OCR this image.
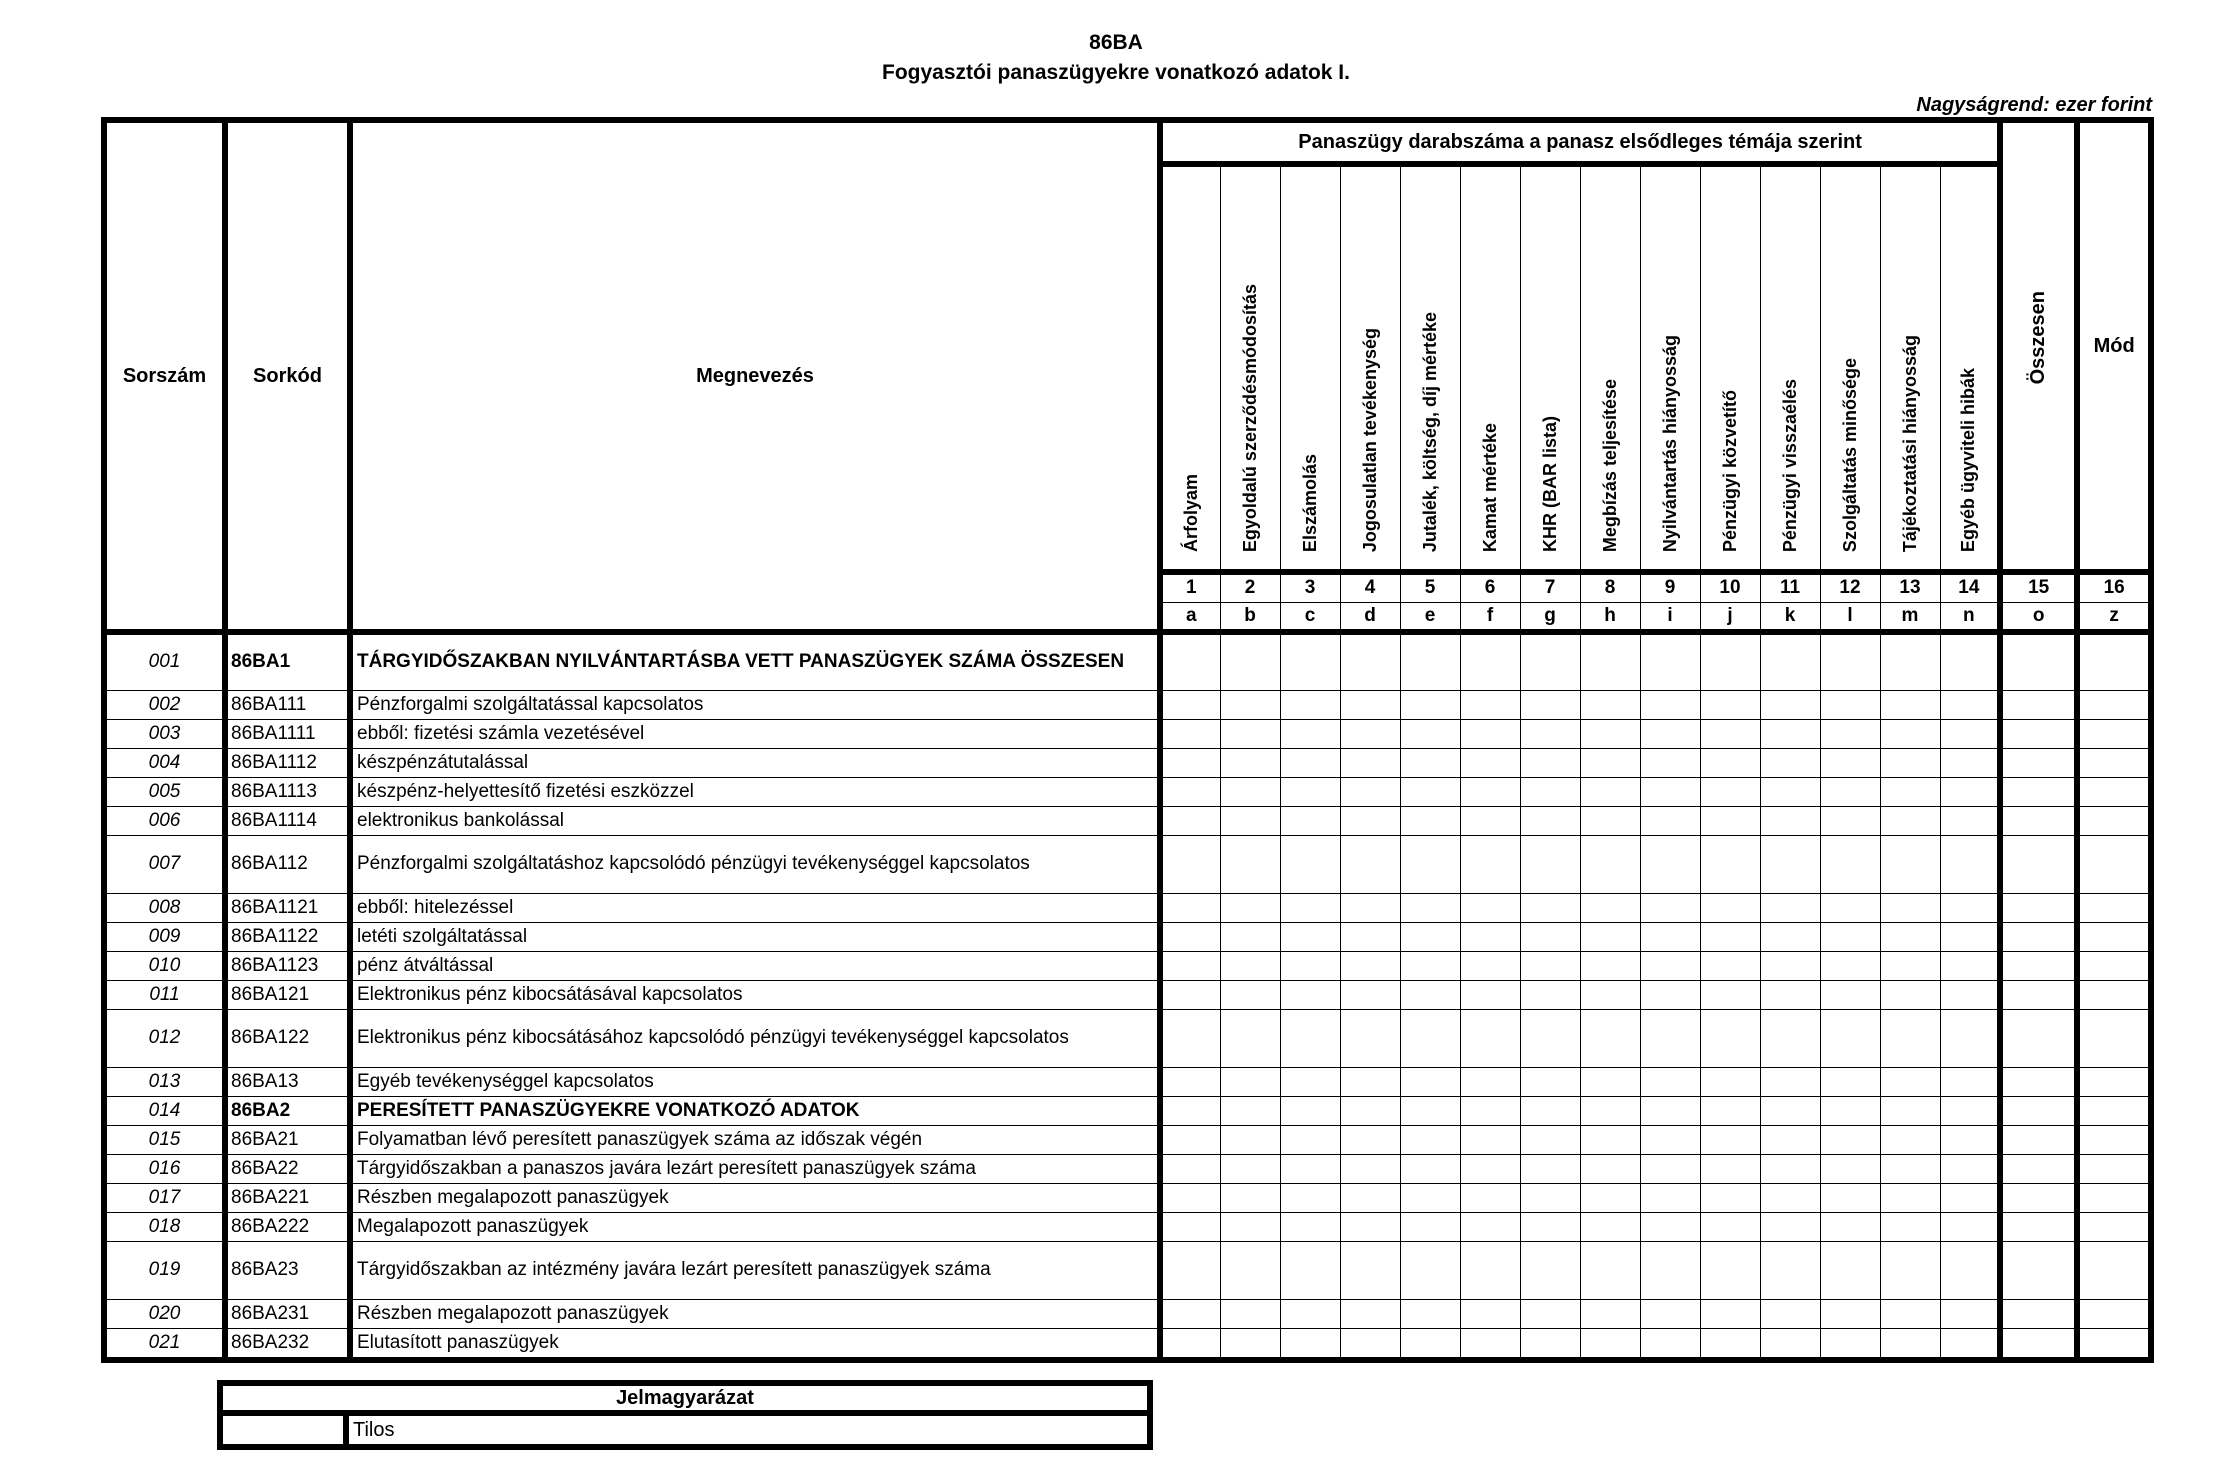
86BA
Fogyasztói panaszügyekre vonatkozó adatok I.
Nagyságrend: ezer forint
Sorszám	Sorkód	Megnevezés	Panaszügy darabszáma a panasz elsődleges témája szerint														Összesen	Mód
			Árfolyam	Egyoldalú szerződésmódosítás	Elszámolás	Jogosulatlan tevékenység	Jutalék, költség, díj mértéke	Kamat mértéke	KHR (BAR lista)	Megbízás teljesítése	Nyilvántartás hiányosság	Pénzügyi közvetítő	Pénzügyi visszaélés	Szolgáltatás minősége	Tájékoztatási hiányosság	Egyéb ügyviteli hibák		
			1	2	3	4	5	6	7	8	9	10	11	12	13	14	15	16
			a	b	c	d	e	f	g	h	i	j	k	l	m	n	o	z
001	86BA1	TÁRGYIDŐSZAKBAN NYILVÁNTARTÁSBA VETT PANASZÜGYEK SZÁMA ÖSSZESEN																
002	86BA111	Pénzforgalmi szolgáltatással kapcsolatos																
003	86BA1111	ebből: fizetési számla vezetésével																
004	86BA1112	készpénzátutalással																
005	86BA1113	készpénz-helyettesítő fizetési eszközzel																
006	86BA1114	elektronikus bankolással																
007	86BA112	Pénzforgalmi szolgáltatáshoz kapcsolódó pénzügyi tevékenységgel kapcsolatos																
008	86BA1121	ebből: hitelezéssel																
009	86BA1122	letéti szolgáltatással																
010	86BA1123	pénz átváltással																
011	86BA121	Elektronikus pénz kibocsátásával kapcsolatos																
012	86BA122	Elektronikus pénz kibocsátásához kapcsolódó pénzügyi tevékenységgel kapcsolatos																
013	86BA13	Egyéb tevékenységgel kapcsolatos																
014	86BA2	PERESÍTETT PANASZÜGYEKRE VONATKOZÓ ADATOK																
015	86BA21	Folyamatban lévő peresített panaszügyek száma az időszak végén																
016	86BA22	Tárgyidőszakban a panaszos javára lezárt peresített panaszügyek száma																
017	86BA221	Részben megalapozott panaszügyek																
018	86BA222	Megalapozott panaszügyek																
019	86BA23	Tárgyidőszakban az intézmény javára lezárt peresített panaszügyek száma																
020	86BA231	Részben megalapozott panaszügyek																
021	86BA232	Elutasított panaszügyek																
Jelmagyarázat
	Tilos
